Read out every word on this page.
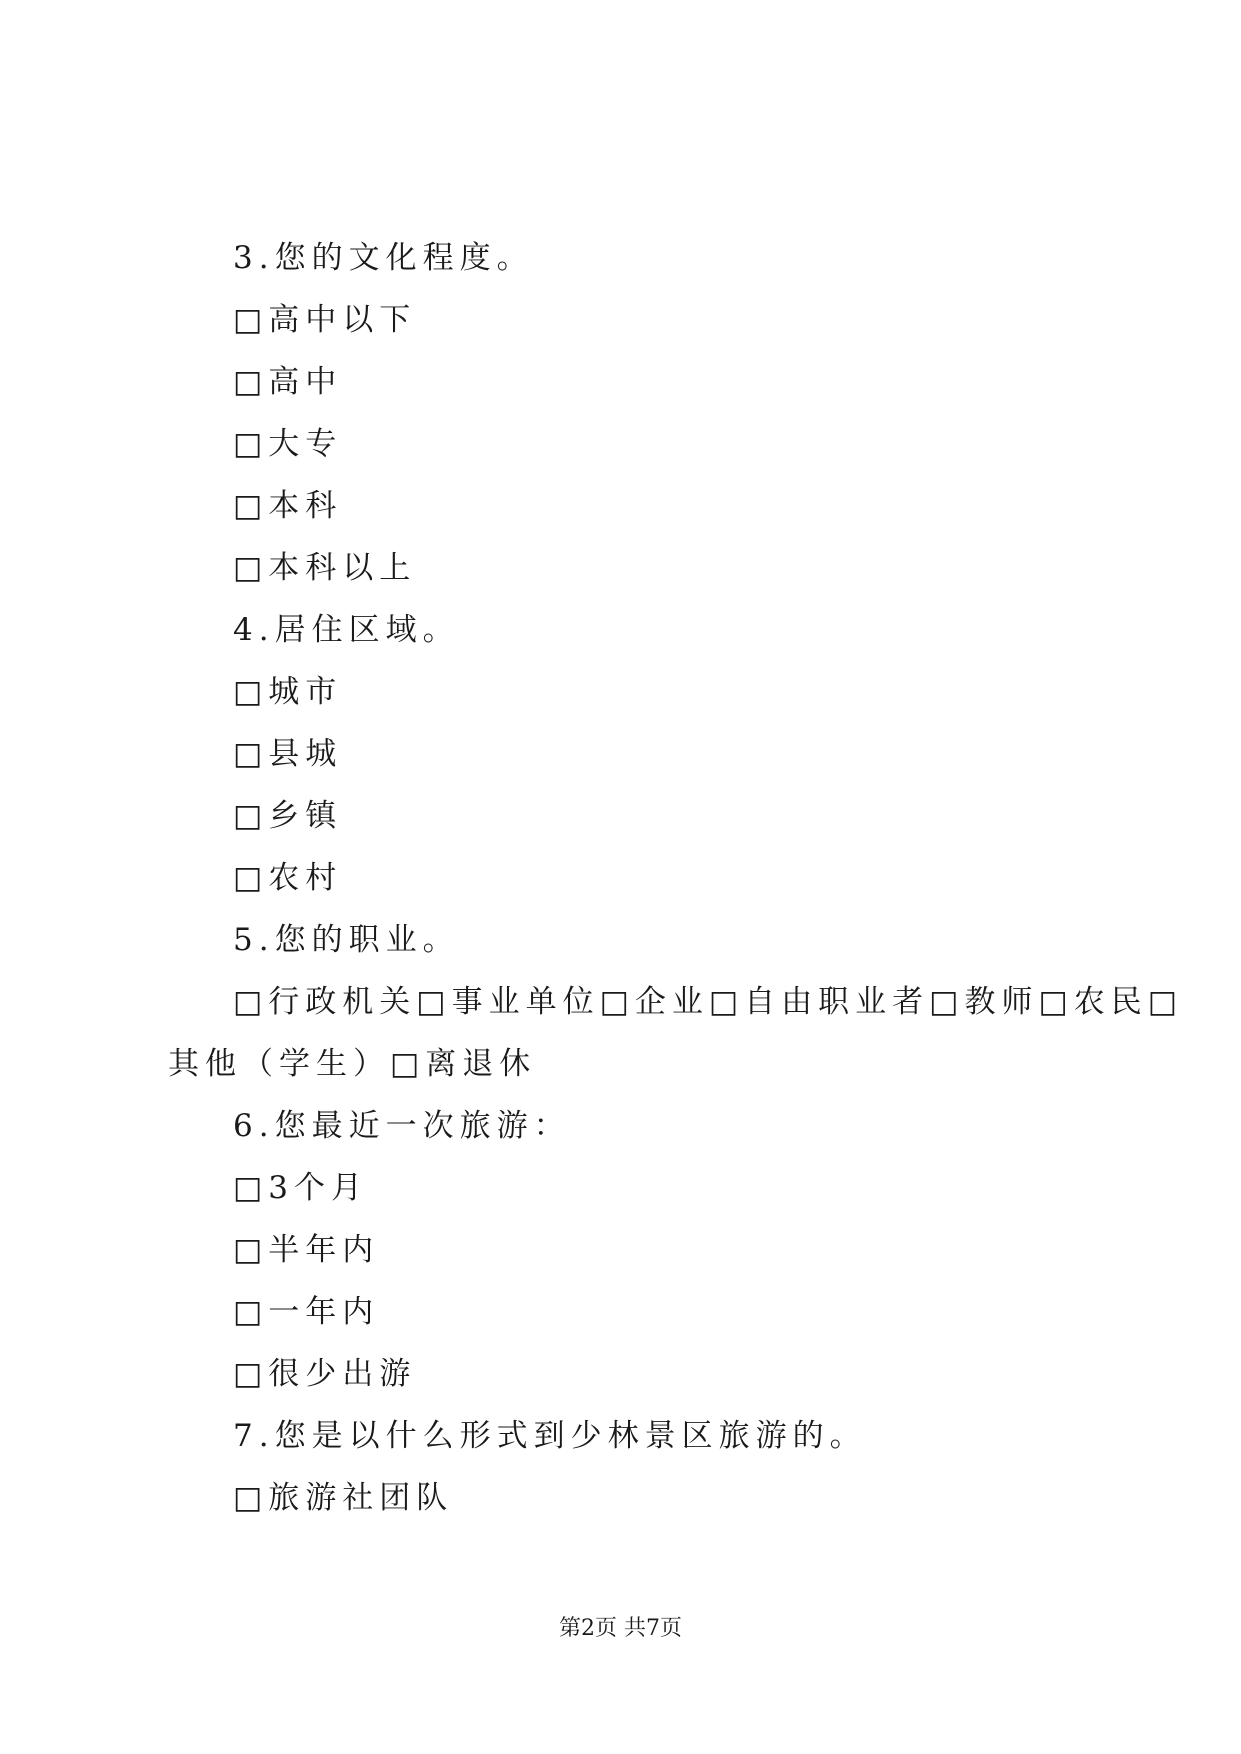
3.您的文化程度。
□高中以下
□高中
□大专
□本科
□本科以上
4.居住区域。
□城市
□县城
□乡镇
□农村
5.您的职业。
□行政机关□事业单位□企业□自由职业者□教师□农民□
其他（学生）□离退休
6.您最近一次旅游：
□3个月
□半年内
□一年内
□很少出游
7.您是以什么形式到少林景区旅游的。
□旅游社团队
第2页 共7页
